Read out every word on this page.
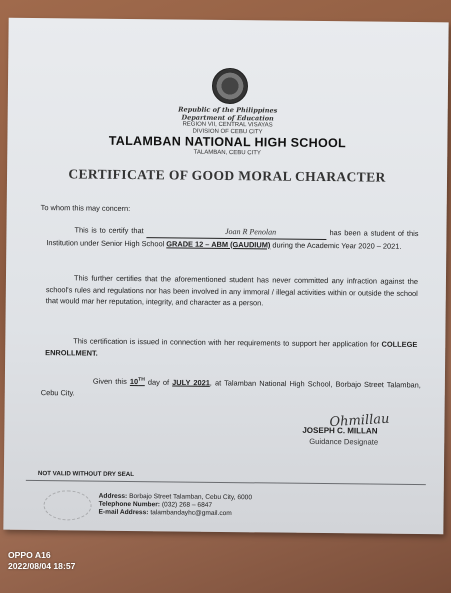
Republic of the Philippines
Department of Education
REGION VII, CENTRAL VISAYAS
DIVISION OF CEBU CITY
TALAMBAN NATIONAL HIGH SCHOOL
TALAMBAN, CEBU CITY
CERTIFICATE OF GOOD MORAL CHARACTER
To whom this may concern:
This is to certify that	Joan R Penolan	has been a student of this Institution under Senior High School GRADE 12 – ABM (GAUDIUM) during the Academic Year 2020 – 2021.
This further certifies that the aforementioned student has never committed any infraction against the school's rules and regulations nor has been involved in any immoral / illegal activities within or outside the school that would mar her reputation, integrity, and character as a person.
This certification is issued in connection with her requirements to support her application for COLLEGE ENROLLMENT.
Given this 10TH day of JULY 2021, at Talamban National High School, Borbajo Street Talamban, Cebu City.
Ohmillau
JOSEPH C. MILLAN
Guidance Designate
NOT VALID WITHOUT DRY SEAL
Address: Borbajo Street Talamban, Cebu City, 6000
Telephone Number: (032) 268 – 6847
E-mail Address: talambandayhc@gmail.com
OPPO A16
2022/08/04 18:57
